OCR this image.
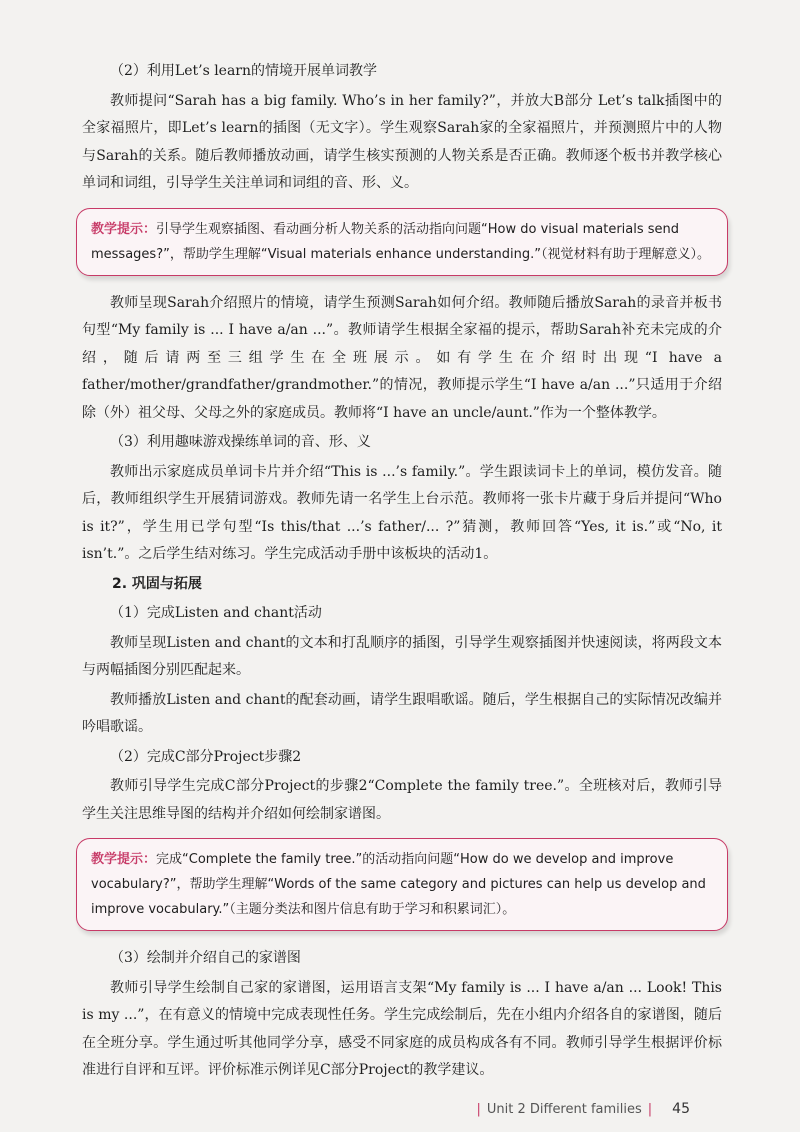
（2）利用Let’s learn的情境开展单词教学

教师提问“Sarah has a big family. Who’s in her family?”，并放大B部分 Let’s talk插图中的全家福照片，即Let’s learn的插图（无文字）。学生观察Sarah家的全家福照片，并预测照片中的人物与Sarah的关系。随后教师播放动画，请学生核实预测的人物关系是否正确。教师逐个板书并教学核心单词和词组，引导学生关注单词和词组的音、形、义。

教学提示：引导学生观察插图、看动画分析人物关系的活动指向问题“How do visual materials send messages?”，帮助学生理解“Visual materials enhance understanding.”（视觉材料有助于理解意义）。

教师呈现Sarah介绍照片的情境，请学生预测Sarah如何介绍。教师随后播放Sarah的录音并板书句型“My family is ... I have a/an ...”。教师请学生根据全家福的提示，帮助Sarah补充未完成的介绍，随后请两至三组学生在全班展示。如有学生在介绍时出现“I have a father/mother/grandfather/grandmother.”的情况，教师提示学生“I have a/an ...”只适用于介绍除（外）祖父母、父母之外的家庭成员。教师将“I have an uncle/aunt.”作为一个整体教学。

（3）利用趣味游戏操练单词的音、形、义

教师出示家庭成员单词卡片并介绍“This is ...’s family.”。学生跟读词卡上的单词，模仿发音。随后，教师组织学生开展猜词游戏。教师先请一名学生上台示范。教师将一张卡片藏于身后并提问“Who is it?”，学生用已学句型“Is this/that ...’s father/... ?”猜测，教师回答“Yes, it is.”或“No, it isn’t.”。之后学生结对练习。学生完成活动手册中该板块的活动1。

2. 巩固与拓展

（1）完成Listen and chant活动

教师呈现Listen and chant的文本和打乱顺序的插图，引导学生观察插图并快速阅读，将两段文本与两幅插图分别匹配起来。

教师播放Listen and chant的配套动画，请学生跟唱歌谣。随后，学生根据自己的实际情况改编并吟唱歌谣。

（2）完成C部分Project步骤2

教师引导学生完成C部分Project的步骤2“Complete the family tree.”。全班核对后，教师引导学生关注思维导图的结构并介绍如何绘制家谱图。

教学提示：完成“Complete the family tree.”的活动指向问题“How do we develop and improve vocabulary?”，帮助学生理解“Words of the same category and pictures can help us develop and improve vocabulary.”（主题分类法和图片信息有助于学习和积累词汇）。

（3）绘制并介绍自己的家谱图

教师引导学生绘制自己家的家谱图，运用语言支架“My family is ... I have a/an ... Look! This is my ...”，在有意义的情境中完成表现性任务。学生完成绘制后，先在小组内介绍各自的家谱图，随后在全班分享。学生通过听其他同学分享，感受不同家庭的成员构成各有不同。教师引导学生根据评价标准进行自评和互评。评价标准示例详见C部分Project的教学建议。

| Unit 2 Different families | 45
